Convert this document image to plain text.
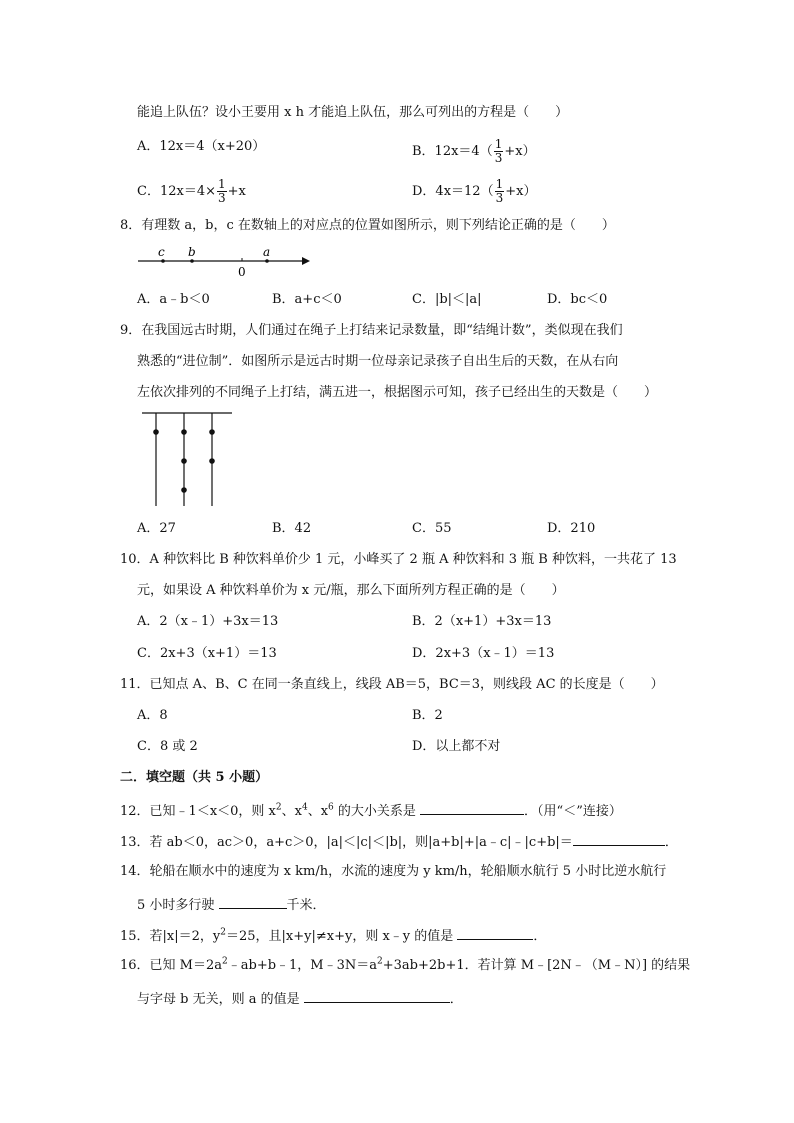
能追上队伍？设小王要用 x h 才能追上队伍，那么可列出的方程是（　　）
A．12x＝4（x+20）	B．$12x=4( \frac{1}{3} +x)$
C．$12x=4\times \frac{1}{3} +x$	D．$4x=12( \frac{1}{3} +x)$
8．有理数 a，b，c 在数轴上的对应点的位置如图所示，则下列结论正确的是（　　）
c b
0
a
A．a﹣b＜0	B．a+c＜0	C．|b|＜|a|	D．bc＜0
9．在我国远古时期，人们通过在绳子上打结来记录数量，即“结绳计数”，类似现在我们
熟悉的“进位制”．如图所示是远古时期一位母亲记录孩子自出生后的天数，在从右向
左依次排列的不同绳子上打结，满五进一，根据图示可知，孩子已经出生的天数是（　　）
A．27	B．42	C．55	D．210
10．A 种饮料比 B 种饮料单价少 1 元，小峰买了 2 瓶 A 种饮料和 3 瓶 B 种饮料，一共花了 13
元，如果设 A 种饮料单价为 x 元/瓶，那么下面所列方程正确的是（　　）
A．2（x﹣1）+3x＝13	B．2（x+1）+3x＝13
C．2x+3（x+1）＝13	D．2x+3（x﹣1）＝13
11．已知点 A、B、C 在同一条直线上，线段 AB＝5，BC＝3，则线段 AC 的长度是（　　）
A．8	B．2
C．8 或 2	D．以上都不对
二．填空题（共 5 小题）
12．已知﹣1＜x＜0，则 $x^2$、$x^4$、$x^6$ 的大小关系是	．（用“＜”连接）
13．若 ab＜0，ac＞0，a+c＞0，|a|＜|c|＜|b|，则|a+b|+|a﹣c|﹣|c+b|＝	．
14．轮船在顺水中的速度为 x km/h，水流的速度为 y km/h，轮船顺水航行 5 小时比逆水航行
5 小时多行驶	千米．
15．若|x|＝2，$y^2=25$，且|x+y|≠x+y，则 x﹣y 的值是	．
16．已知 $M=2a^2﹣ab+b﹣1$，$M﹣3N=a^2+3ab+2b+1$．若计算 M﹣[2N﹣（M﹣N）] 的结果
与字母 b 无关，则 a 的值是	．
